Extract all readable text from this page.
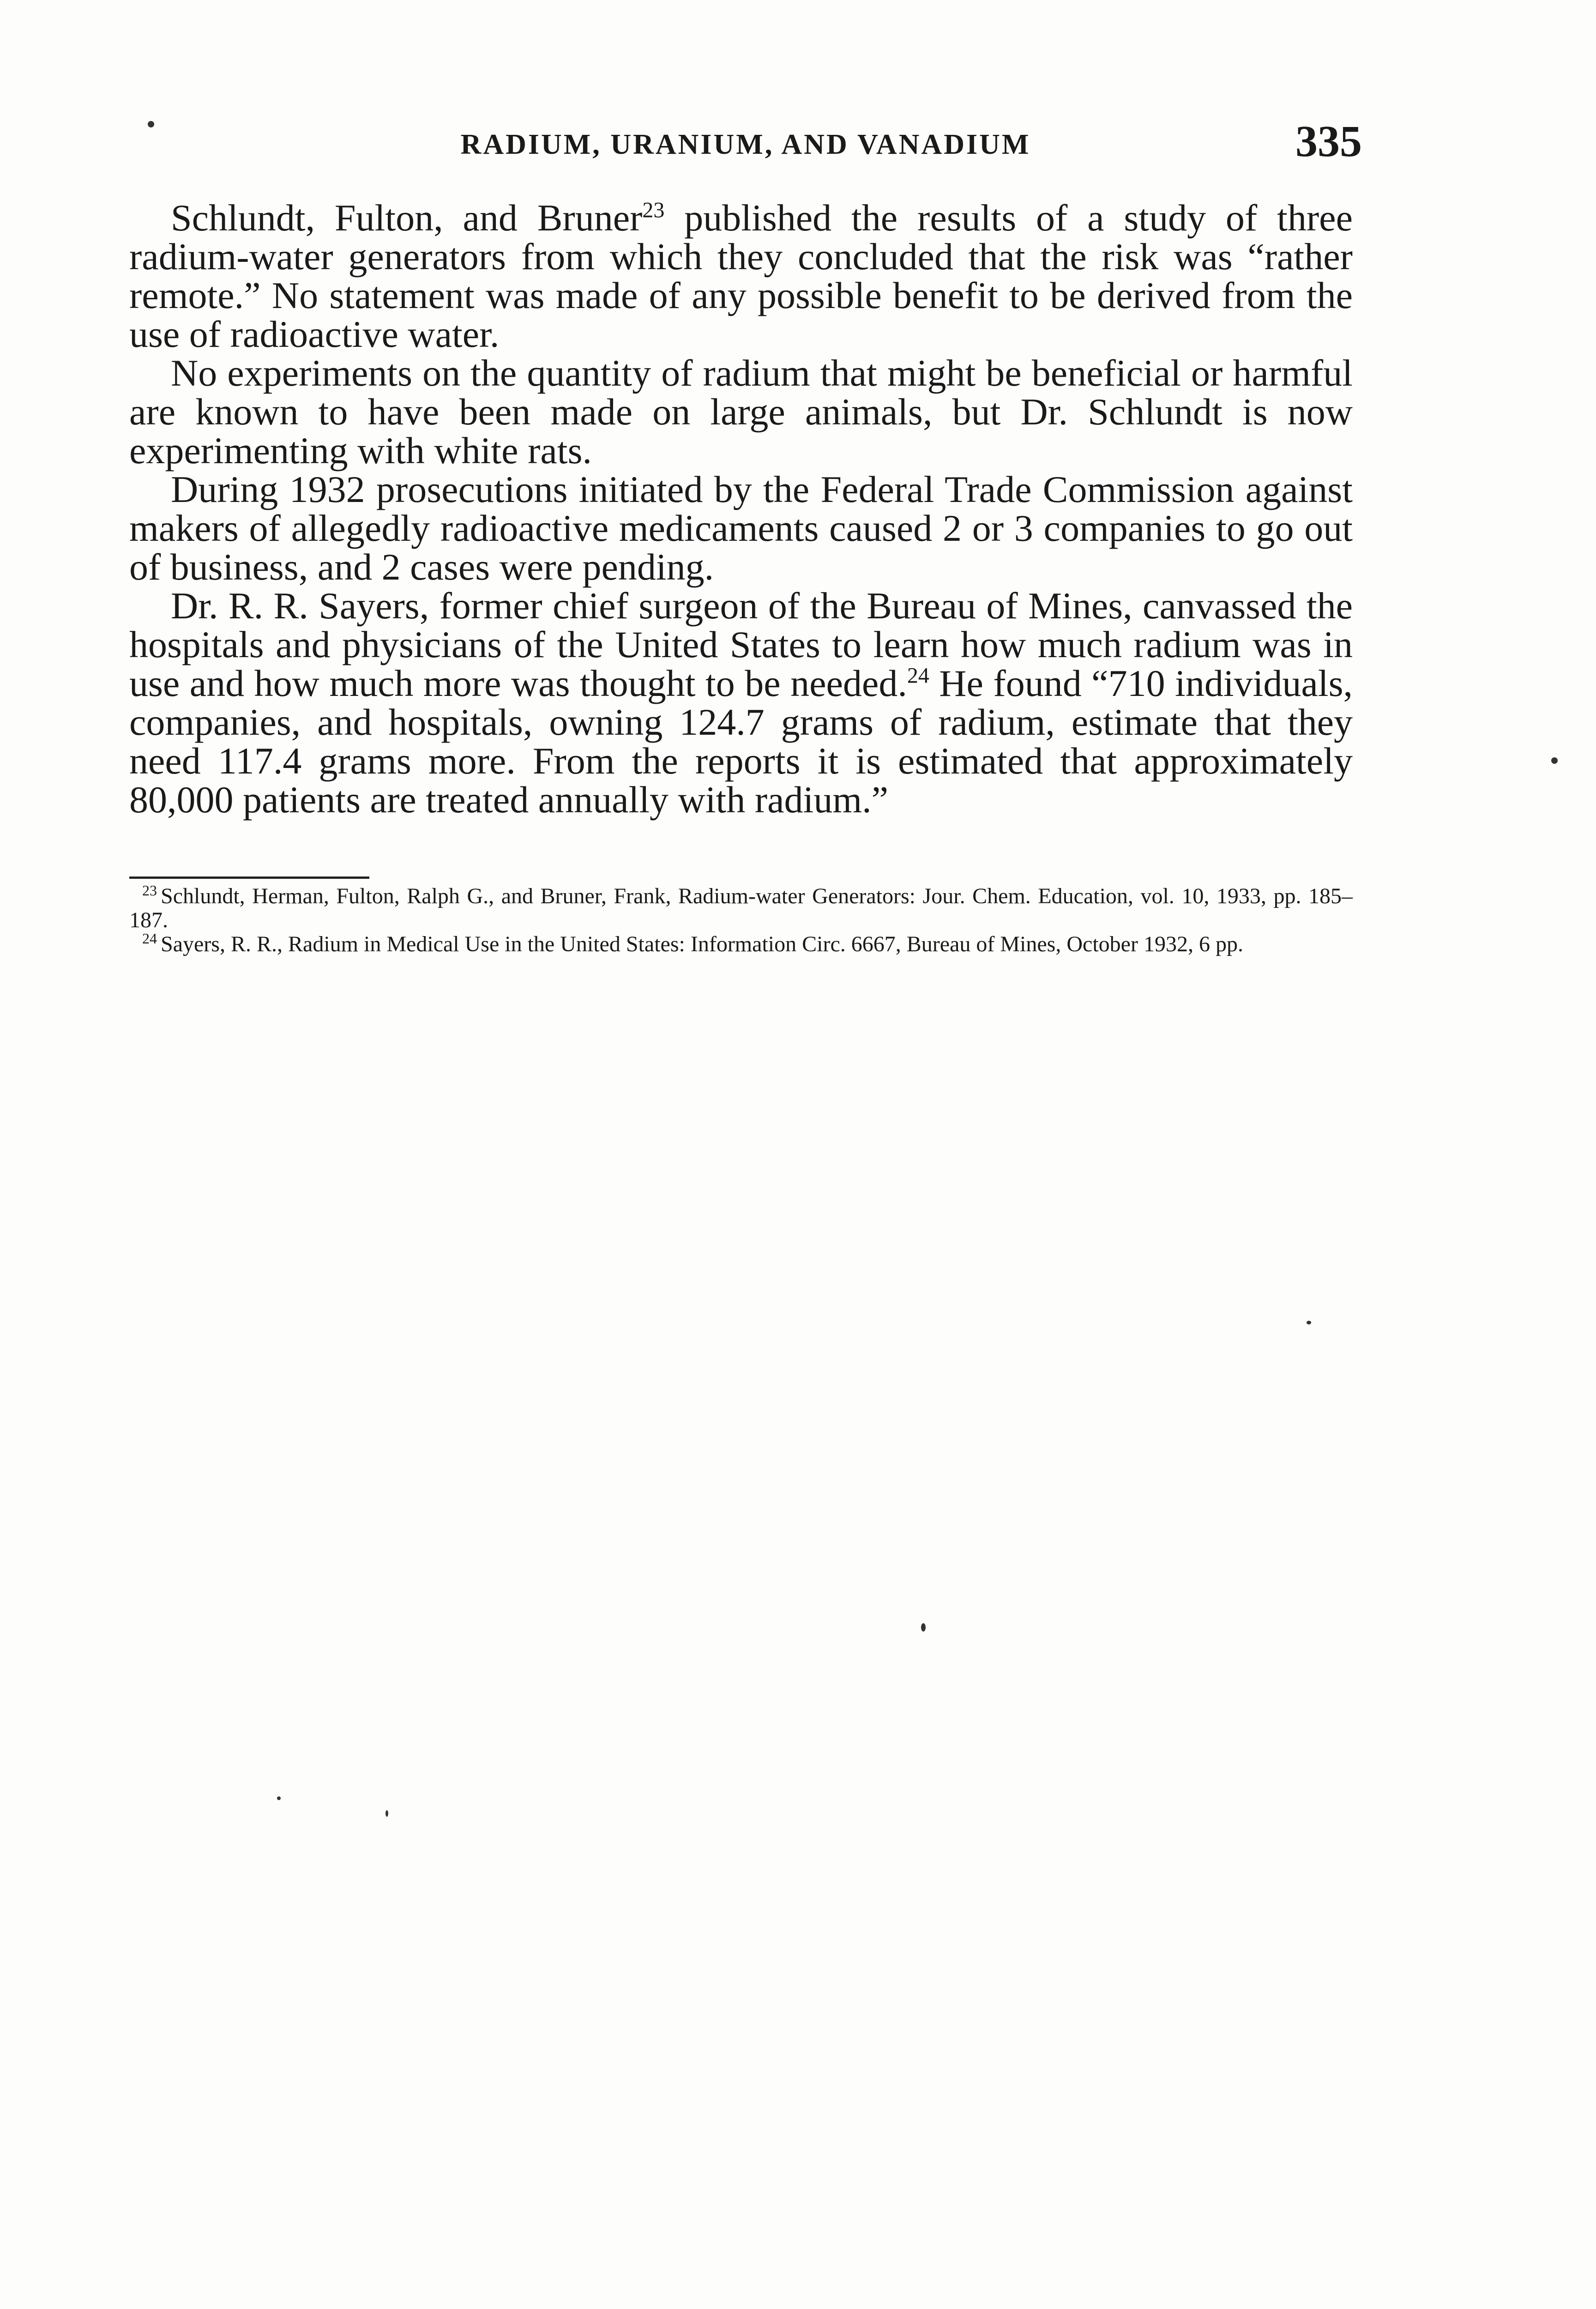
RADIUM, URANIUM, AND VANADIUM	335

Schlundt, Fulton, and Bruner$^{23}$ published the results of a study of three radium-water generators from which they concluded that the risk was “rather remote.” No statement was made of any possible benefit to be derived from the use of radioactive water.

No experiments on the quantity of radium that might be beneficial or harmful are known to have been made on large animals, but Dr. Schlundt is now experimenting with white rats.

During 1932 prosecutions initiated by the Federal Trade Commission against makers of allegedly radioactive medicaments caused 2 or 3 companies to go out of business, and 2 cases were pending.

Dr. R. R. Sayers, former chief surgeon of the Bureau of Mines, canvassed the hospitals and physicians of the United States to learn how much radium was in use and how much more was thought to be needed.$^{24}$ He found “710 individuals, companies, and hospitals, owning 124.7 grams of radium, estimate that they need 117.4 grams more. From the reports it is estimated that approximately 80,000 patients are treated annually with radium.”

$^{23}$ Schlundt, Herman, Fulton, Ralph G., and Bruner, Frank, Radium-water Generators: Jour. Chem. Education, vol. 10, 1933, pp. 185–187.

$^{24}$ Sayers, R. R., Radium in Medical Use in the United States: Information Circ. 6667, Bureau of Mines, October 1932, 6 pp.
